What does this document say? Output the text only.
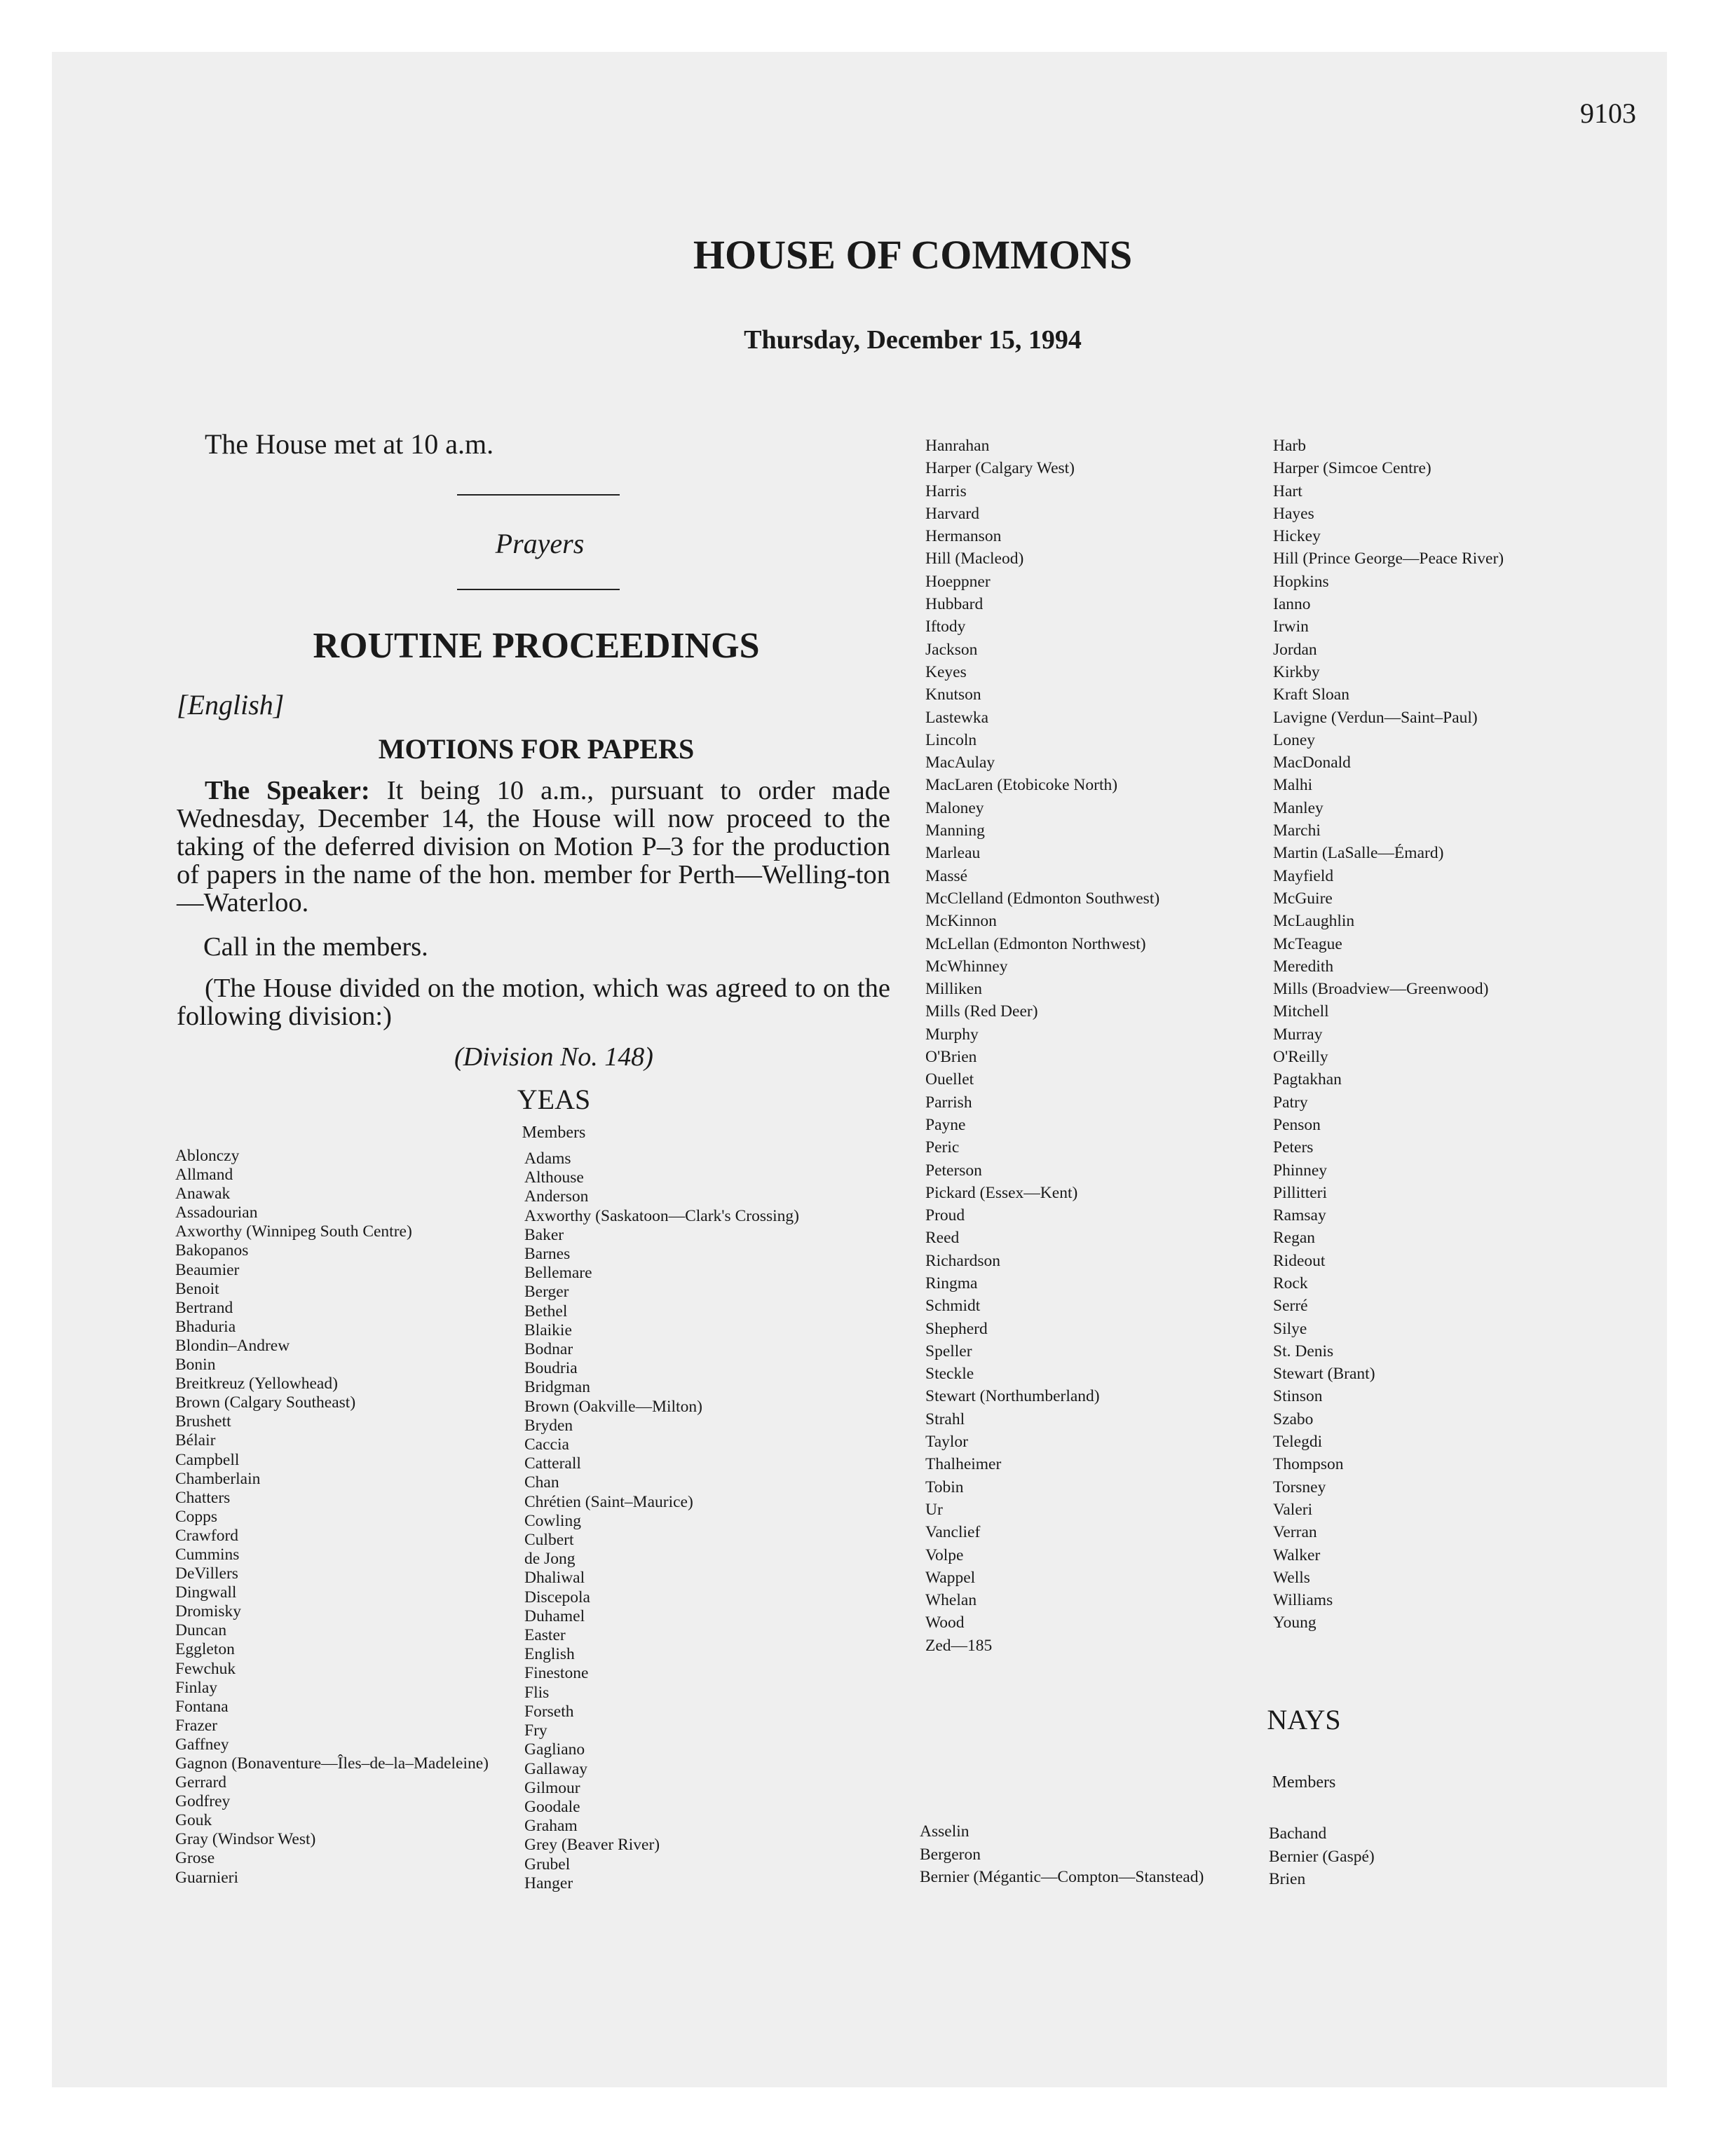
9103
HOUSE OF COMMONS
Thursday, December 15, 1994
The House met at 10 a.m.
Prayers
ROUTINE PROCEEDINGS
[English]
MOTIONS FOR PAPERS
The Speaker: It being 10 a.m., pursuant to order made Wednesday, December 14, the House will now proceed to the taking of the deferred division on Motion P–3 for the production of papers in the name of the hon. member for Perth—Welling-ton—Waterloo.
Call in the members.
(The House divided on the motion, which was agreed to on the following division:)
(Division No. 148)
YEAS
Members
Ablonczy
Allmand
Anawak
Assadourian
Axworthy (Winnipeg South Centre)
Bakopanos
Beaumier
Benoit
Bertrand
Bhaduria
Blondin–Andrew
Bonin
Breitkreuz (Yellowhead)
Brown (Calgary Southeast)
Brushett
Bélair
Campbell
Chamberlain
Chatters
Copps
Crawford
Cummins
DeVillers
Dingwall
Dromisky
Duncan
Eggleton
Fewchuk
Finlay
Fontana
Frazer
Gaffney
Gagnon (Bonaventure—Îles–de–la–Madeleine)
Gerrard
Godfrey
Gouk
Gray (Windsor West)
Grose
Guarnieri
Adams
Althouse
Anderson
Axworthy (Saskatoon—Clark's Crossing)
Baker
Barnes
Bellemare
Berger
Bethel
Blaikie
Bodnar
Boudria
Bridgman
Brown (Oakville—Milton)
Bryden
Caccia
Catterall
Chan
Chrétien (Saint–Maurice)
Cowling
Culbert
de Jong
Dhaliwal
Discepola
Duhamel
Easter
English
Finestone
Flis
Forseth
Fry
Gagliano
Gallaway
Gilmour
Goodale
Graham
Grey (Beaver River)
Grubel
Hanger
Hanrahan
Harper (Calgary West)
Harris
Harvard
Hermanson
Hill (Macleod)
Hoeppner
Hubbard
Iftody
Jackson
Keyes
Knutson
Lastewka
Lincoln
MacAulay
MacLaren (Etobicoke North)
Maloney
Manning
Marleau
Massé
McClelland (Edmonton Southwest)
McKinnon
McLellan (Edmonton Northwest)
McWhinney
Milliken
Mills (Red Deer)
Murphy
O'Brien
Ouellet
Parrish
Payne
Peric
Peterson
Pickard (Essex—Kent)
Proud
Reed
Richardson
Ringma
Schmidt
Shepherd
Speller
Steckle
Stewart (Northumberland)
Strahl
Taylor
Thalheimer
Tobin
Ur
Vanclief
Volpe
Wappel
Whelan
Wood
Zed—185
Harb
Harper (Simcoe Centre)
Hart
Hayes
Hickey
Hill (Prince George—Peace River)
Hopkins
Ianno
Irwin
Jordan
Kirkby
Kraft Sloan
Lavigne (Verdun—Saint–Paul)
Loney
MacDonald
Malhi
Manley
Marchi
Martin (LaSalle—Émard)
Mayfield
McGuire
McLaughlin
McTeague
Meredith
Mills (Broadview—Greenwood)
Mitchell
Murray
O'Reilly
Pagtakhan
Patry
Penson
Peters
Phinney
Pillitteri
Ramsay
Regan
Rideout
Rock
Serré
Silye
St. Denis
Stewart (Brant)
Stinson
Szabo
Telegdi
Thompson
Torsney
Valeri
Verran
Walker
Wells
Williams
Young
NAYS
Members
Asselin
Bergeron
Bernier (Mégantic—Compton—Stanstead)
Bachand
Bernier (Gaspé)
Brien
